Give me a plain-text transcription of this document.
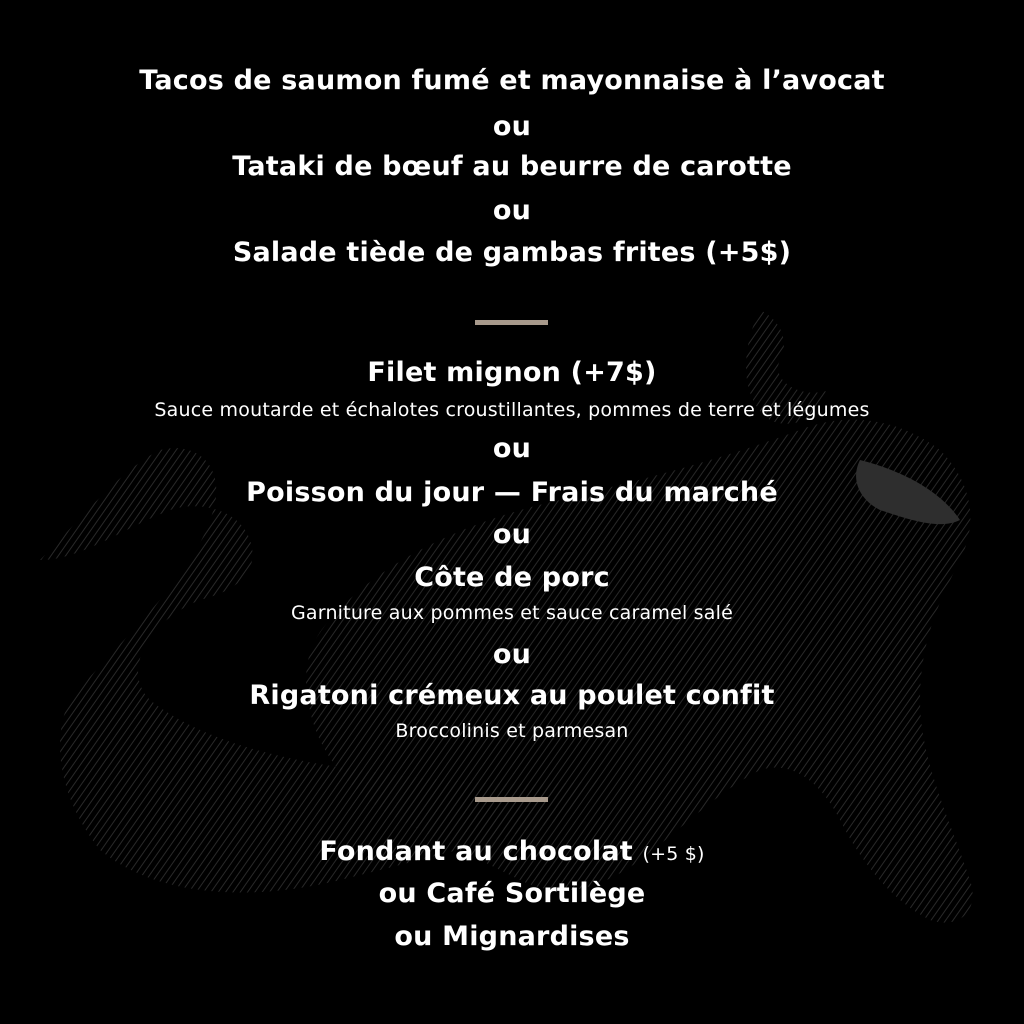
Tacos de saumon fumé et mayonnaise à l’avocat
ou
Tataki de bœuf au beurre de carotte
ou
Salade tiède de gambas frites (+5$)
Filet mignon (+7$)
Sauce moutarde et échalotes croustillantes, pommes de terre et légumes
ou
Poisson du jour — Frais du marché
ou
Côte de porc
Garniture aux pommes et sauce caramel salé
ou
Rigatoni crémeux au poulet confit
Broccolinis et parmesan
Fondant au chocolat (+5 $)
ou Café Sortilège
ou Mignardises
